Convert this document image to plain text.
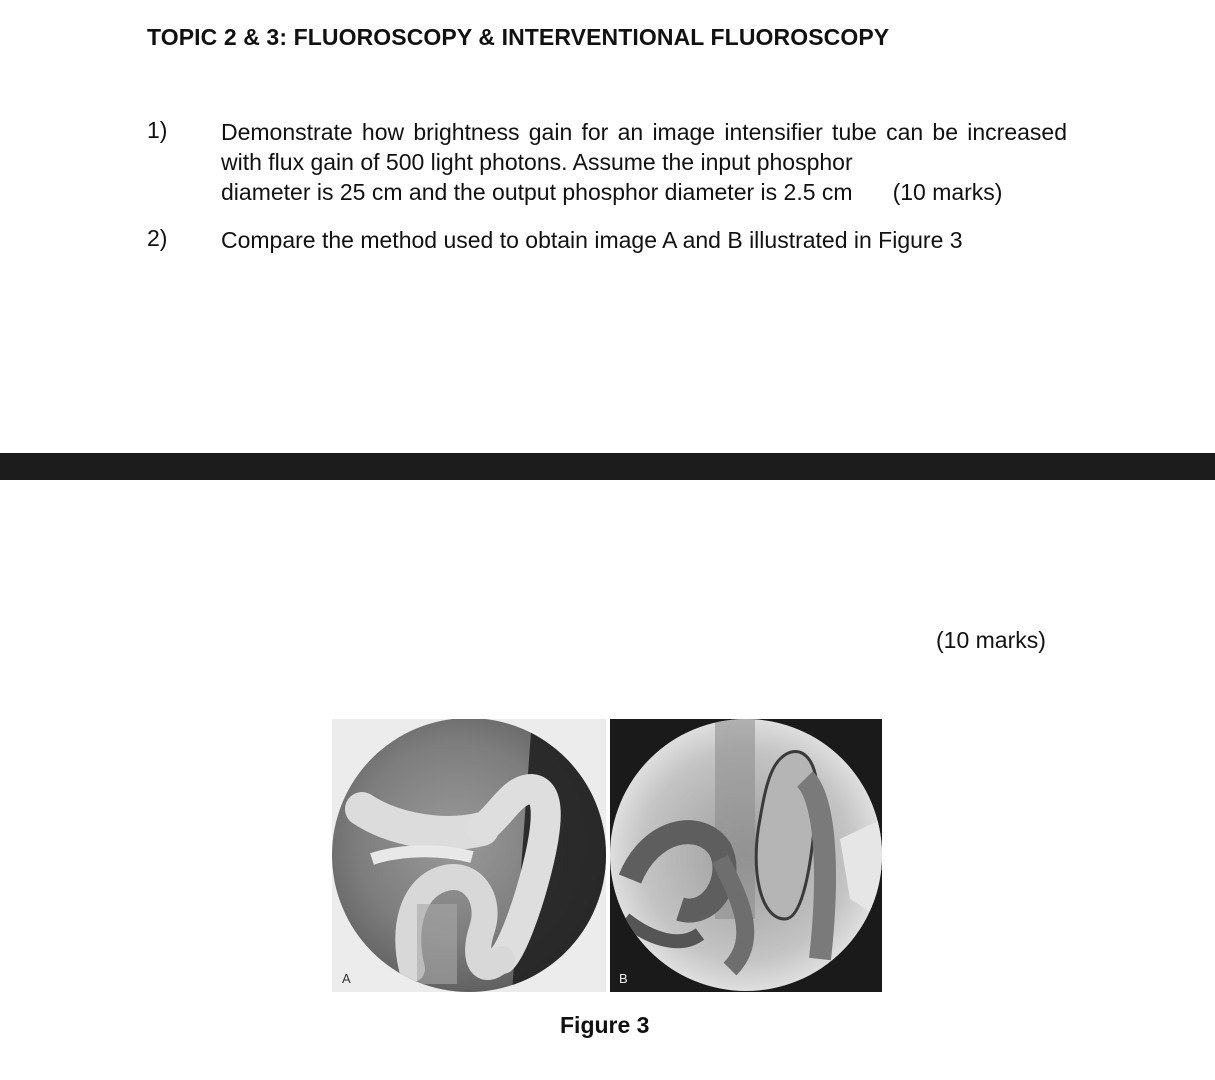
TOPIC 2 & 3: FLUOROSCOPY & INTERVENTIONAL FLUOROSCOPY
1) Demonstrate how brightness gain for an image intensifier tube can be increased with flux gain of 500 light photons. Assume the input phosphor
diameter is 25 cm and the output phosphor diameter is 2.5 cm (10 marks)
2) Compare the method used to obtain image A and B illustrated in Figure 3
(10 marks)
A	B
Figure 3
